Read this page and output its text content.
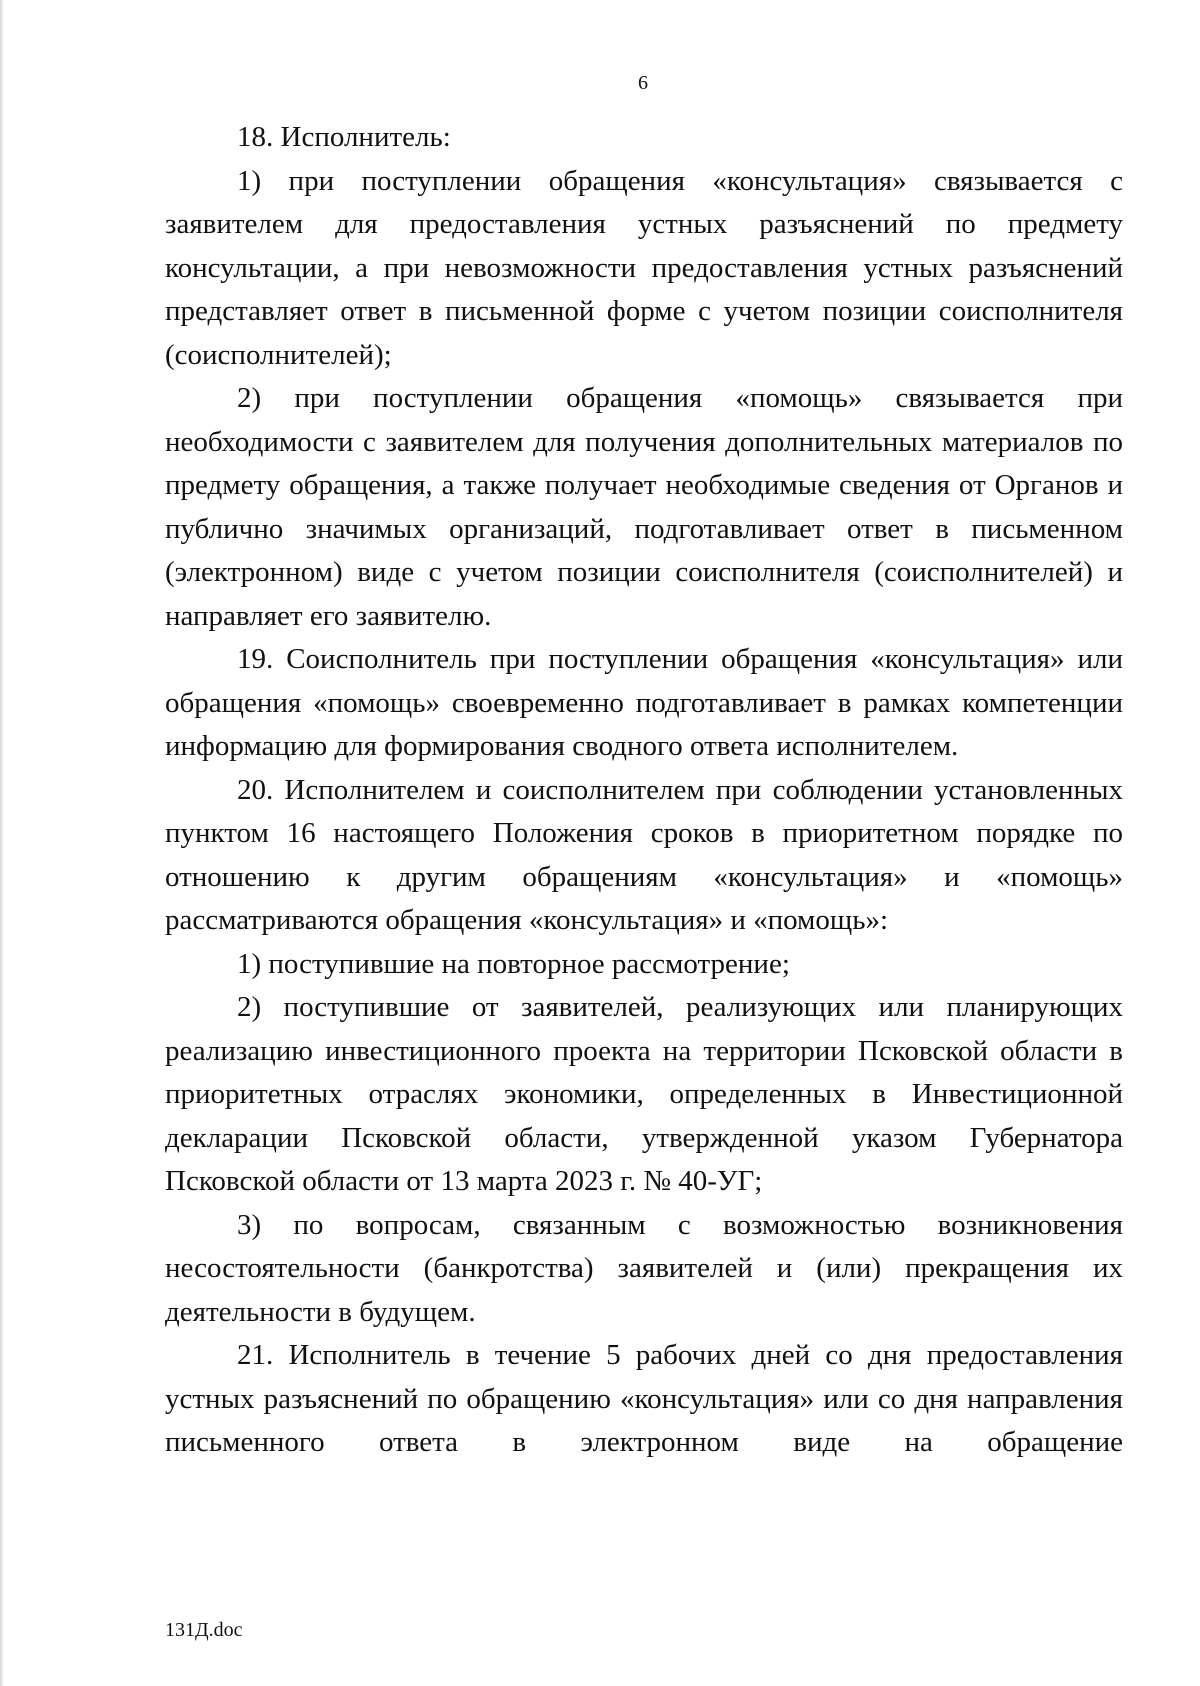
6

18. Исполнитель:

1) при поступлении обращения «консультация» связывается с заявителем для предоставления устных разъяснений по предмету консультации, а при невозможности предоставления устных разъяснений представляет ответ в письменной форме с учетом позиции соисполнителя (соисполнителей);

2) при поступлении обращения «помощь» связывается при необходимости с заявителем для получения дополнительных материалов по предмету обращения, а также получает необходимые сведения от Органов и публично значимых организаций, подготавливает ответ в письменном (электронном) виде с учетом позиции соисполнителя (соисполнителей) и направляет его заявителю.

19. Соисполнитель при поступлении обращения «консультация» или обращения «помощь» своевременно подготавливает в рамках компетенции информацию для формирования сводного ответа исполнителем.

20. Исполнителем и соисполнителем при соблюдении установленных пунктом 16 настоящего Положения сроков в приоритетном порядке по отношению к другим обращениям «консультация» и «помощь» рассматриваются обращения «консультация» и «помощь»:

1) поступившие на повторное рассмотрение;

2) поступившие от заявителей, реализующих или планирующих реализацию инвестиционного проекта на территории Псковской области в приоритетных отраслях экономики, определенных в Инвестиционной декларации Псковской области, утвержденной указом Губернатора Псковской области от 13 марта 2023 г. № 40-УГ;

3) по вопросам, связанным с возможностью возникновения несостоятельности (банкротства) заявителей и (или) прекращения их деятельности в будущем.

21. Исполнитель в течение 5 рабочих дней со дня предоставления устных разъяснений по обращению «консультация» или со дня направления письменного ответа в электронном виде на обращение

131Д.doc
